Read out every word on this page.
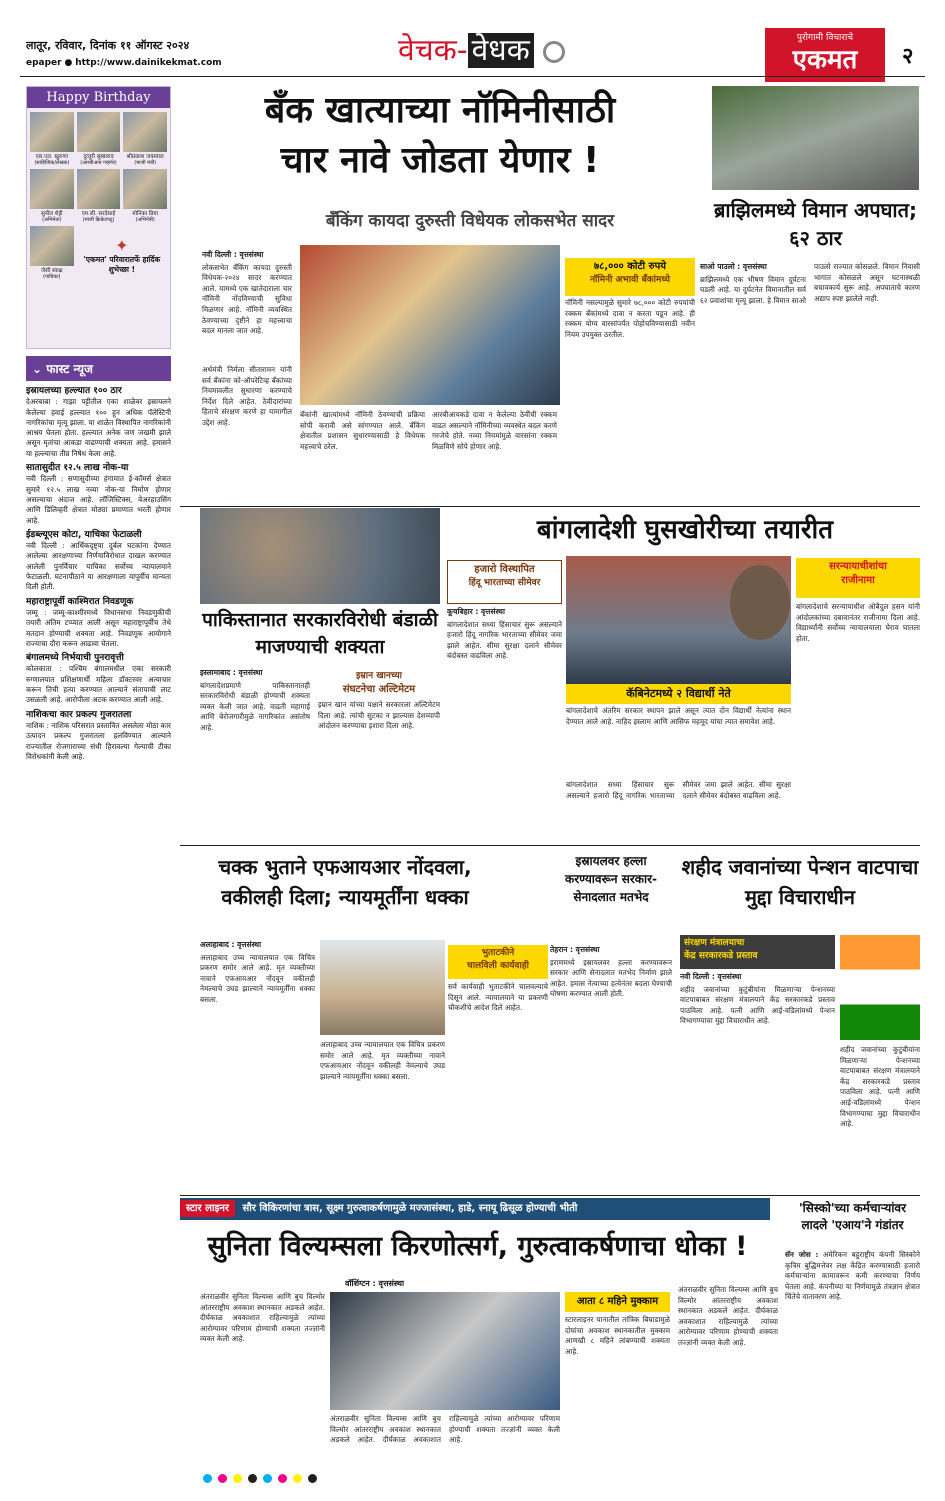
लातूर, रविवार, दिनांक ११ ऑगस्ट २०२४
epaper ● http://www.dainikekmat.com	वेचक- वेधक	पुरोगामी विचाराचे
एकमत	२
Happy Birthday
एस.एल. खुराणा
(साहित्यिक/लेखक)
दुव्वुरी सुब्बाराव
(आरबीआय गव्हर्नर)
श्रीप्रकाश जयस्वाल
(माजी मंत्री)
सुनील शेट्टी
(अभिनेता)
एम.सी. सरदेसाई
(माजी क्रिकेटपटू)
मोनिका प्रिया
(अभिनेत्री)
जेसी स्वाक्ष
(गायिका)
✦
'एकमत' परिवारातर्फे हार्दिक शुभेच्छा !
⌄ फास्ट न्यूज
इस्रायलच्या हल्ल्यात १०० ठार
देअरबाबा : गाझा पट्टीतील एका शाळेवर इस्रायलने केलेल्या हवाई हल्ल्यात १०० हून अधिक पॅलेस्टिनी नागरिकांचा मृत्यू झाला. या शाळेत विस्थापित नागरिकांनी आश्रय घेतला होता. हल्ल्यात अनेक जण जखमी झाले असून मृतांचा आकडा वाढण्याची शक्यता आहे. हमासने या हल्ल्याचा तीव्र निषेध केला आहे.
सातासुदीत १२.५ लाख नोक-या
नवी दिल्ली : सणासुदीच्या हंगामात ई-कॉमर्स क्षेत्रात सुमारे १२.५ लाख नव्या नोक-या निर्माण होणार असल्याचा अंदाज आहे. लॉजिस्टिक्स, वेअरहाउसिंग आणि डिलिव्हरी क्षेत्रात मोठ्या प्रमाणात भरती होणार आहे.
ईडब्ल्यूएस कोटा, याचिका फेटाळली
नवी दिल्ली : आर्थिकदृष्ट्या दुर्बल घटकांना देण्यात आलेल्या आरक्षणाच्या निर्णयाविरोधात दाखल करण्यात आलेली पुनर्विचार याचिका सर्वोच्च न्यायालयाने फेटाळली. घटनापीठाने या आरक्षणाला यापूर्वीच मान्यता दिली होती.
महाराष्ट्रापूर्वी काश्मिरात निवडणूक
जम्मू : जम्मू-काश्मीरमध्ये विधानसभा निवडणुकीची तयारी अंतिम टप्प्यात आली असून महाराष्ट्रापूर्वीच तेथे मतदान होण्याची शक्यता आहे. निवडणूक आयोगाने राज्याचा दौरा करून आढावा घेतला.
बंगालमध्ये निर्भयाची पुनरावृत्ती
कोलकाता : पश्चिम बंगालमधील एका सरकारी रुग्णालयात प्रशिक्षणार्थी महिला डॉक्टरवर अत्याचार करून तिची हत्या करण्यात आल्याने संतापाची लाट उसळली आहे. आरोपीला अटक करण्यात आली आहे.
नाशिकचा कार प्रकल्प गुजरातला
नाशिक : नाशिक परिसरात प्रस्तावित असलेला मोठा कार उत्पादन प्रकल्प गुजरातला हलविण्यात आल्याने राज्यातील रोजगाराच्या संधी हिरावल्या गेल्याची टीका विरोधकांनी केली आहे.
बँक खात्याच्या नॉमिनीसाठी
चार नावे जोडता येणार !
बँकिंग कायदा दुरुस्ती विधेयक लोकसभेत सादर	ब्राझिलमध्ये विमान अपघात; ६२ ठार
साओ पाउलो : वृत्तसंस्था

ब्राझिलमध्ये एक भीषण विमान दुर्घटना घडली आहे. या दुर्घटनेत विमानातील सर्व ६२ प्रवाशांचा मृत्यू झाला. हे विमान साओ पाउलो राज्यात कोसळले. विमान निवासी भागात कोसळले असून घटनास्थळी बचावकार्य सुरू आहे. अपघाताचे कारण अद्याप स्पष्ट झालेले नाही.

नवी दिल्ली : वृत्तसंस्था

लोकसभेत बँकिंग कायदा दुरुस्ती विधेयक-२०२४ सादर करण्यात आले. यामध्ये एक खातेदाराला चार नॉमिनी नोंदविण्याची सुविधा मिळणार आहे. नॉमिनी व्यवस्थित ठेवण्याच्या दृष्टीने हा महत्त्वाचा बदल मानला जात आहे.

७८,००० कोटी रुपये
नॉमिनी अभावी बँकांमध्ये
नॉमिनी नसल्यामुळे सुमारे ७८,००० कोटी रुपयांची रक्कम बँकांमध्ये दावा न करता पडून आहे. ही रक्कम योग्य वारसांपर्यंत पोहोचविण्यासाठी नवीन नियम उपयुक्त ठरतील.
अर्थमंत्री निर्मला सीतारामन यांनी सर्व बँकांना को-ऑपरेटिव्ह बँकांच्या नियमावलीत सुधारणा करण्याचे निर्देश दिले आहेत. ठेवीदारांच्या हिताचे संरक्षण करणे हा यामागील उद्देश आहे.
बँकांनी खात्यांमध्ये नॉमिनी ठेवण्याची प्रक्रिया सोपी करावी असे सांगण्यात आले. बँकिंग क्षेत्रातील प्रशासन सुधारण्यासाठी हे विधेयक महत्त्वाचे ठरेल.
आरबीआयकडे दावा न केलेल्या ठेवींची रक्कम वाढत असल्याने नॉमिनीच्या व्यवस्थेत बदल करणे गरजेचे होते. नव्या नियमांमुळे वारसांना रक्कम मिळविणे सोपे होणार आहे.
बांगलादेशी घुसखोरीच्या तयारीत
पाकिस्तानात सरकारविरोधी बंडाळी माजण्याची शक्यता
इस्लामाबाद : वृत्तसंस्था

बांगलादेशप्रमाणे पाकिस्तानातही सरकारविरोधी बंडाळी होण्याची शक्यता व्यक्त केली जात आहे. वाढती महागाई आणि बेरोजगारीमुळे नागरिकांत असंतोष आहे.

इम्रान खानच्या
संघटनेचा अल्टिमेटम
इम्रान खान यांच्या पक्षाने सरकारला अल्टिमेटम दिला आहे. त्यांची सुटका न झाल्यास देशव्यापी आंदोलन करण्याचा इशारा दिला आहे.
हजारो विस्थापित
हिंदू भारताच्या सीमेवर
कूचबिहार : वृत्तसंस्था

बांगलादेशात सध्या हिंसाचार सुरू असल्याने हजारो हिंदू नागरिक भारताच्या सीमेवर जमा झाले आहेत. सीमा सुरक्षा दलाने सीमेवर बंदोबस्त वाढविला आहे.

कॅबिनेटमध्ये २ विद्यार्थी नेते
बांगलादेशाचे अंतरिम सरकार स्थापन झाले असून त्यात दोन विद्यार्थी नेत्यांना स्थान देण्यात आले आहे. नाहिद इस्लाम आणि आसिफ महमूद यांचा त्यात समावेश आहे.
सरन्यायाधीशांचा
राजीनामा
बांगलादेशाचे सरन्यायाधीश ओबैदुल हसन यांनी आंदोलकांच्या दबावानंतर राजीनामा दिला आहे. विद्यार्थ्यांनी सर्वोच्च न्यायालयाला घेराव घातला होता.
बांगलादेशात सध्या हिंसाचार सुरू असल्याने हजारो हिंदू नागरिक भारताच्या सीमेवर जमा झाले आहेत. सीमा सुरक्षा दलाने सीमेवर बंदोबस्त वाढविला आहे.
चक्क भुताने एफआयआर नोंदवला, वकीलही दिला; न्यायमूर्तींना धक्का
अलाहाबाद : वृत्तसंस्था

अलाहाबाद उच्च न्यायालयात एक विचित्र प्रकरण समोर आले आहे. मृत व्यक्तीच्या नावाने एफआयआर नोंदवून वकीलही नेमल्याचे उघड झाल्याने न्यायमूर्तींना धक्का बसला.

अलाहाबाद उच्च न्यायालयात एक विचित्र प्रकरण समोर आले आहे. मृत व्यक्तीच्या नावाने एफआयआर नोंदवून वकीलही नेमल्याचे उघड झाल्याने न्यायमूर्तींना धक्का बसला.
भुताटकीने
चालविली कार्यवाही
सर्व कार्यवाही भुताटकीने चालवल्याचे दिसून आले. न्यायालयाने या प्रकरणी चौकशीचे आदेश दिले आहेत.
इस्रायलवर हल्ला करण्यावरून सरकार-सेनादलात मतभेद
तेहरान : वृत्तसंस्था

इराणमध्ये इस्रायलवर हल्ला करण्यावरून सरकार आणि सेनादलात मतभेद निर्माण झाले आहेत. हमास नेत्याच्या हत्येनंतर बदला घेण्याची घोषणा करण्यात आली होती.

शहीद जवानांच्या पेन्शन वाटपाचा मुद्दा विचाराधीन
संरक्षण मंत्रालयाचा
केंद्र सरकारकडे प्रस्ताव
नवी दिल्ली : वृत्तसंस्था

शहीद जवानांच्या कुटुंबीयांना मिळणाऱ्या पेन्शनच्या वाटपाबाबत संरक्षण मंत्रालयाने केंद्र सरकारकडे प्रस्ताव पाठविला आहे. पत्नी आणि आई-वडिलांमध्ये पेन्शन विभागण्याचा मुद्दा विचाराधीन आहे.

शहीद जवानांच्या कुटुंबीयांना मिळणाऱ्या पेन्शनच्या वाटपाबाबत संरक्षण मंत्रालयाने केंद्र सरकारकडे प्रस्ताव पाठविला आहे. पत्नी आणि आई-वडिलांमध्ये पेन्शन विभागण्याचा मुद्दा विचाराधीन आहे.
स्टार लाइनर सौर विकिरणांचा त्रास, सूक्ष्म गुरुत्वाकर्षणामुळे मज्जासंस्था, हाडे, स्नायू ढिसूळ होण्याची भीती
सुनिता विल्यम्सला किरणोत्सर्ग, गुरुत्वाकर्षणाचा धोका !
वॉशिंग्टन : वृत्तसंस्था
अंतराळवीर सुनिता विल्यम्स आणि बुच विल्मोर आंतरराष्ट्रीय अवकाश स्थानकात अडकले आहेत. दीर्घकाळ अवकाशात राहिल्यामुळे त्यांच्या आरोग्यावर परिणाम होण्याची शक्यता तज्ज्ञांनी व्यक्त केली आहे.
अंतराळवीर सुनिता विल्यम्स आणि बुच विल्मोर आंतरराष्ट्रीय अवकाश स्थानकात अडकले आहेत. दीर्घकाळ अवकाशात राहिल्यामुळे त्यांच्या आरोग्यावर परिणाम होण्याची शक्यता तज्ज्ञांनी व्यक्त केली आहे.
आता ८ महिने मुक्काम
स्टारलाइनर यानातील तांत्रिक बिघाडामुळे दोघांचा अवकाश स्थानकातील मुक्काम आणखी ८ महिने लांबण्याची शक्यता आहे.
अंतराळवीर सुनिता विल्यम्स आणि बुच विल्मोर आंतरराष्ट्रीय अवकाश स्थानकात अडकले आहेत. दीर्घकाळ अवकाशात राहिल्यामुळे त्यांच्या आरोग्यावर परिणाम होण्याची शक्यता तज्ज्ञांनी व्यक्त केली आहे.
'सिस्को'च्या कर्मचाऱ्यांवर लादले 'एआय'ने गंडांतर
सॅन जोस : अमेरिकन बहुराष्ट्रीय कंपनी सिस्कोने कृत्रिम बुद्धिमत्तेवर लक्ष केंद्रित करण्यासाठी हजारो कर्मचाऱ्यांना कामावरून कमी करण्याचा निर्णय घेतला आहे. कंपनीच्या या निर्णयामुळे तंत्रज्ञान क्षेत्रात चिंतेचे वातावरण आहे.
